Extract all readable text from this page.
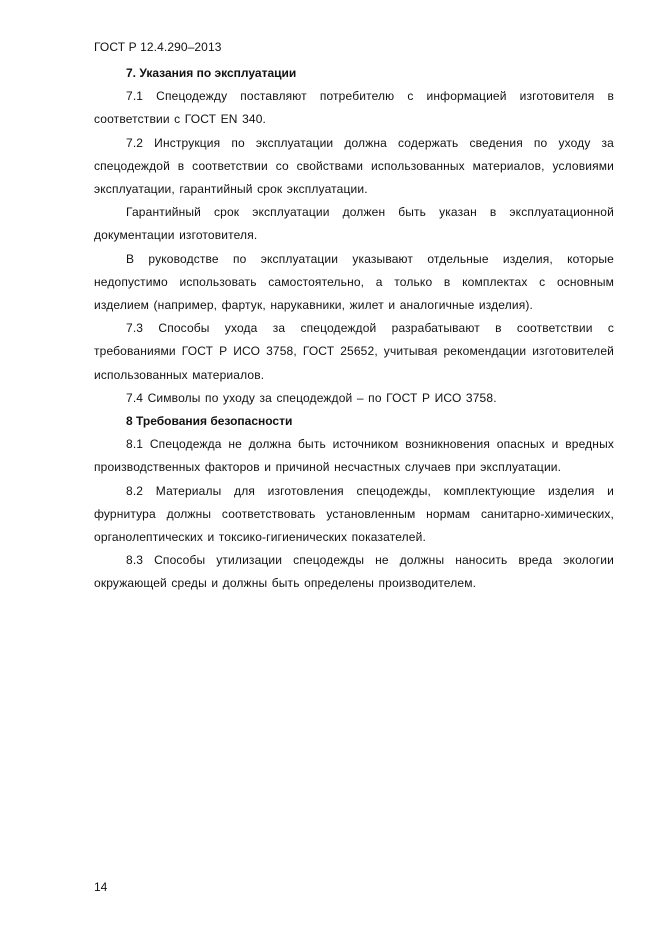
ГОСТ Р 12.4.290–2013
7. Указания по эксплуатации

7.1 Спецодежду поставляют потребителю с информацией изготовителя в соответствии с ГОСТ EN 340.

7.2 Инструкция по эксплуатации должна содержать сведения по уходу за спецодеждой в соответствии со свойствами использованных материалов, условиями эксплуатации, гарантийный срок эксплуатации.

Гарантийный срок эксплуатации должен быть указан в эксплуатационной документации изготовителя.

В руководстве по эксплуатации указывают отдельные изделия, которые недопустимо использовать самостоятельно, а только в комплектах с основным изделием (например, фартук, нарукавники, жилет и аналогичные изделия).

7.3 Способы ухода за спецодеждой разрабатывают в соответствии с требованиями ГОСТ Р ИСО 3758, ГОСТ 25652, учитывая рекомендации изготовителей использованных материалов.

7.4 Символы по уходу за спецодеждой – по ГОСТ Р ИСО 3758.

8 Требования безопасности

8.1 Спецодежда не должна быть источником возникновения опасных и вредных производственных факторов и причиной несчастных случаев при эксплуатации.

8.2 Материалы для изготовления спецодежды, комплектующие изделия и фурнитура должны соответствовать установленным нормам санитарно-химических, органолептических и токсико-гигиенических показателей.

8.3 Способы утилизации спецодежды не должны наносить вреда экологии окружающей среды и должны быть определены производителем.

14
